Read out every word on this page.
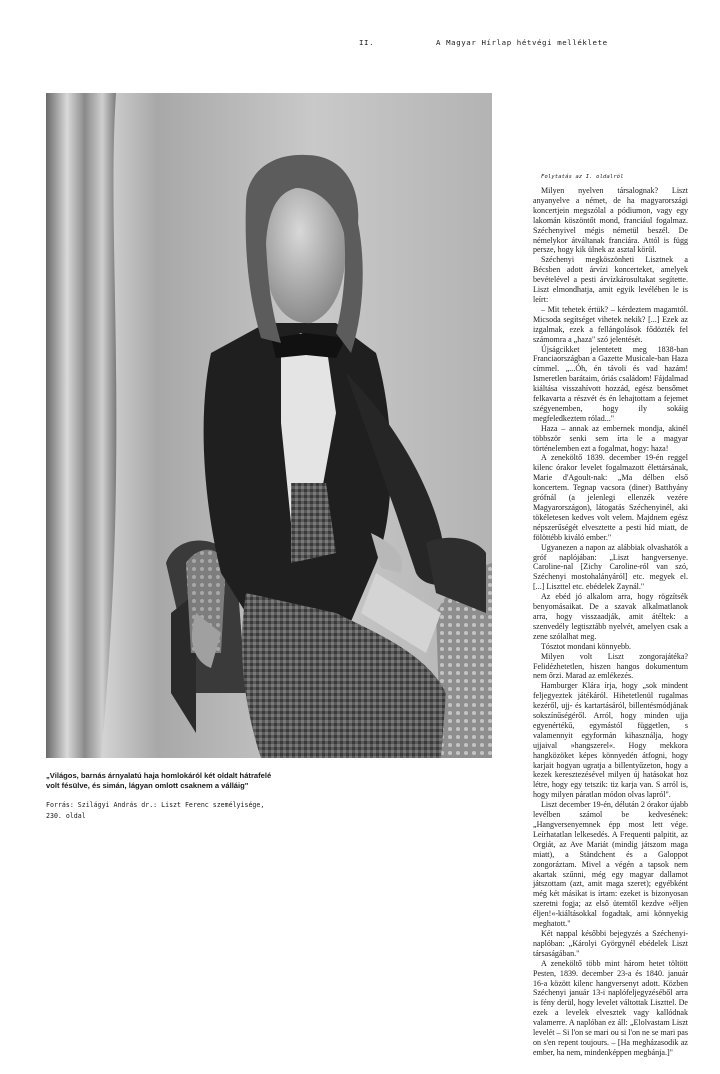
II.	A Magyar Hírlap hétvégi melléklete
„Világos, barnás árnyalatú haja homlokáról két oldalt hátrafelé volt fésülve, és simán, lágyan omlott csaknem a válláig"
Forrás: Szilágyi András dr.: Liszt Ferenc személyisége, 230. oldal
Folytatás az I. oldalról

Milyen nyelven társalognak? Liszt anyanyelve a német, de ha magyarországi koncertjein megszólal a pódiumon, vagy egy lakomán köszöntőt mond, franciául fogalmaz. Széchenyivel mégis németül beszél. De némelykor átváltanak franciára. Attól is függ persze, hogy kik ülnek az asztal körül.

Széchenyi megköszönheti Lisztnek a Bécsben adott árvízi koncerteket, amelyek bevételével a pesti árvízkárosultakat segítette. Liszt elmondhatja, amit egyik levélében le is leírt:

– Mit tehetek értük? – kérdeztem magamtól. Micsoda segítséget vihetek nekik? [...] Ezek az izgalmak, ezek a fellángolások fődözték fel számomra a „haza" szó jelentését.

Újságcikket jelentetett meg 1838-ban Franciaországban a Gazette Musicale-ban Haza címmel. „...Óh, én távoli és vad hazám! Ismeretlen barátaim, óriás családom! Fájdalmad kiáltása visszahívott hozzád, egész bensőmet felkavarta a részvét és én lehajtottam a fejemet szégyenemben, hogy ily sokáig megfeledkeztem rólad..."

Haza – annak az embernek mondja, akinél többször senki sem írta le a magyar történelemben ezt a fogalmat, hogy: haza!

A zeneköltő 1839. december 19-én reggel kilenc órakor levelet fogalmazott élettársának, Marie d'Agoult-nak: „Ma délben első koncertem. Tegnap vacsora (diner) Batthyány grófnál (a jelenlegi ellenzék vezére Magyarországon), látogatás Széchenyinél, aki tökéletesen kedves volt velem. Majdnem egész népszerűségét elvesztette a pesti híd miatt, de fölöttébb kiváló ember."

Ugyanezen a napon az alábbiak olvashatók a gróf naplójában: „Liszt hangversenye. Caroline-nal [Zichy Caroline-ról van szó, Széchenyi mostohalányáról] etc. megyek el. [...] Liszttel etc. ebédelek Zaynál."

Az ebéd jó alkalom arra, hogy rögzítsék benyomásaikat. De a szavak alkalmatlanok arra, hogy visszaadják, amit átéltek: a szenvedély legtisztább nyelvét, amelyen csak a zene szólalhat meg.

Tósztot mondani könnyebb.

Milyen volt Liszt zongorajátéka? Felidézhetetlen, hiszen hangos dokumentum nem őrzi. Marad az emlékezés.

Hamburger Klára írja, hogy „sok mindent feljegyeztek játékáról. Hihetetlenül rugalmas kezéről, ujj- és kartartásáról, billentésmódjának sokszínűségéről. Arról, hogy minden ujja egyenértékű, egymástól független, s valamennyit egyformán kihasználja, hogy ujjaival »hangszerel«. Hogy mekkora hangközöket képes könnyedén átfogni, hogy karjait hogyan ugratja a billentyűzeton, hogy a kezek keresztezésével milyen új hatásokat hoz létre, hogy egy tetszik: tiz karja van. S arról is, hogy milyen páratlan módon olvas lapról".

Liszt december 19-én, délután 2 órakor újabb levélben számol be kedvesének: „Hangversenyemnek épp most lett vége. Leírhatatlan lelkesedés. A Frequenti palpitit, az Orgiát, az Ave Mariát (mindig játszom maga miatt), a Ständchent és a Galoppot zongoráztam. Mivel a végén a tapsok nem akartak szűnni, még egy magyar dallamot játszottam (azt, amit maga szeret); egyébként még két másikat is írtam: ezeket is bizonyosan szeretni fogja; az első ütemtől kezdve »éljen éljen!«-kiáltásokkal fogadtak, ami könnyekig meghatott."

Két nappal későbbi bejegyzés a Széchenyi-naplóban: „Károlyi Györgynél ebédelek Liszt társaságában."

A zeneköltő több mint három hetet töltött Pesten, 1839. december 23-a és 1840. január 16-a között kilenc hangversenyt adott. Közben Széchenyi január 13-i naplófeljegyzéséből arra is fény derül, hogy levelet váltottak Liszttel. De ezek a levelek elvesztek vagy kallódnak valamerre. A naplóban ez áll: „Elolvastam Liszt levelét – Si l'on se mari ou si l'on ne se mari pas on s'en repent toujours. – [Ha megházasodik az ember, ha nem, mindenképpen megbánja.]"
